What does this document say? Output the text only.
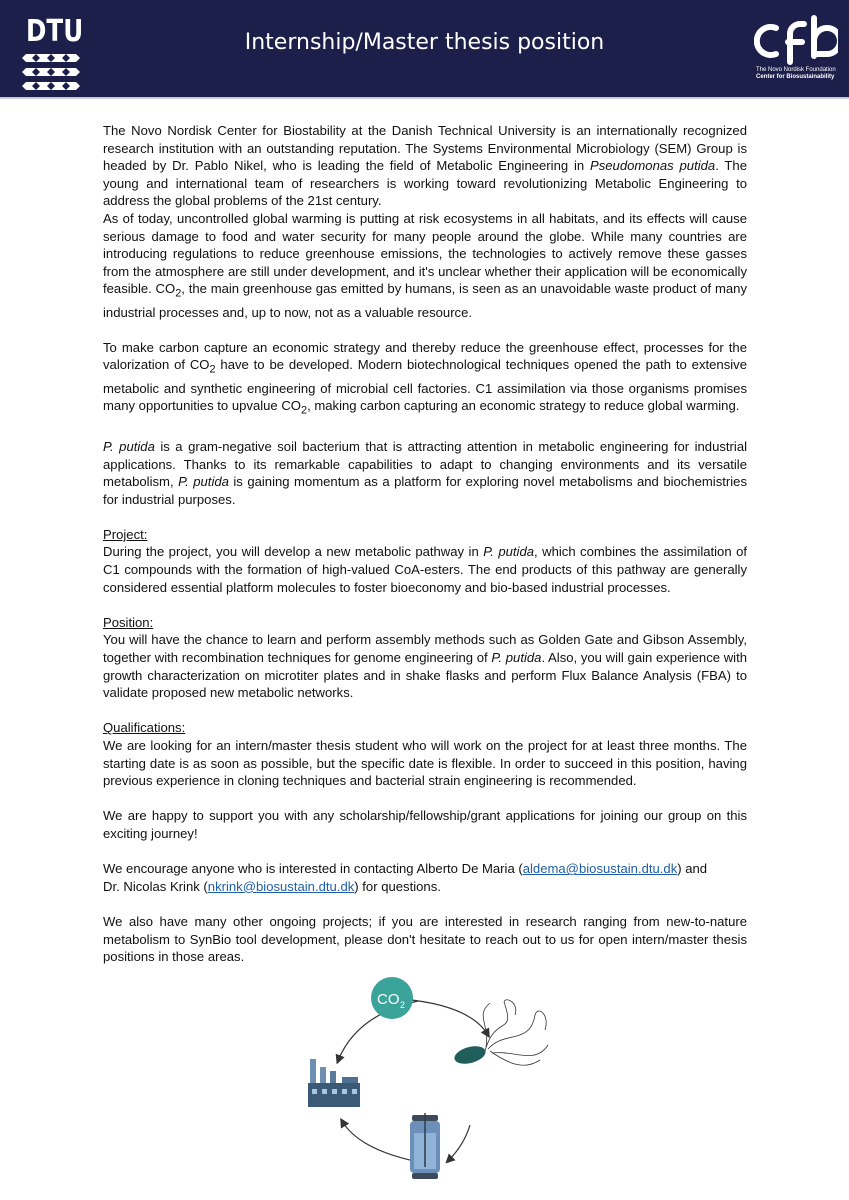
DTU	Internship/Master thesis position
The Novo Nordisk Foundation
Center for Biosustainability

The Novo Nordisk Center for Biostability at the Danish Technical University is an internationally recognized research institution with an outstanding reputation. The Systems Environmental Microbiology (SEM) Group is headed by Dr. Pablo Nikel, who is leading the field of Metabolic Engineering in Pseudomonas putida. The young and international team of researchers is working toward revolutionizing Metabolic Engineering to address the global problems of the 21st century.

As of today, uncontrolled global warming is putting at risk ecosystems in all habitats, and its effects will cause serious damage to food and water security for many people around the globe. While many countries are introducing regulations to reduce greenhouse emissions, the technologies to actively remove these gasses from the atmosphere are still under development, and it's unclear whether their application will be economically feasible. $CO_2$, the main greenhouse gas emitted by humans, is seen as an unavoidable waste product of many industrial processes and, up to now, not as a valuable resource.

To make carbon capture an economic strategy and thereby reduce the greenhouse effect, processes for the valorization of $CO_2$ have to be developed. Modern biotechnological techniques opened the path to extensive metabolic and synthetic engineering of microbial cell factories. C1 assimilation via those organisms promises many opportunities to upvalue $CO_2$, making carbon capturing an economic strategy to reduce global warming.

P. putida is a gram-negative soil bacterium that is attracting attention in metabolic engineering for industrial applications. Thanks to its remarkable capabilities to adapt to changing environments and its versatile metabolism, P. putida is gaining momentum as a platform for exploring novel metabolisms and biochemistries for industrial purposes.

Project:

During the project, you will develop a new metabolic pathway in P. putida, which combines the assimilation of C1 compounds with the formation of high-valued CoA-esters. The end products of this pathway are generally considered essential platform molecules to foster bioeconomy and bio-based industrial processes.

Position:

You will have the chance to learn and perform assembly methods such as Golden Gate and Gibson Assembly, together with recombination techniques for genome engineering of P. putida. Also, you will gain experience with growth characterization on microtiter plates and in shake flasks and perform Flux Balance Analysis (FBA) to validate proposed new metabolic networks.

Qualifications:

We are looking for an intern/master thesis student who will work on the project for at least three months. The starting date is as soon as possible, but the specific date is flexible. In order to succeed in this position, having previous experience in cloning techniques and bacterial strain engineering is recommended.

We are happy to support you with any scholarship/fellowship/grant applications for joining our group on this exciting journey!

We encourage anyone who is interested in contacting Alberto De Maria (aldema@biosustain.dtu.dk) and
Dr. Nicolas Krink (nkrink@biosustain.dtu.dk) for questions.

We also have many other ongoing projects; if you are interested in research ranging from new-to-nature metabolism to SynBio tool development, please don't hesitate to reach out to us for open intern/master thesis positions in those areas.

CO 2
